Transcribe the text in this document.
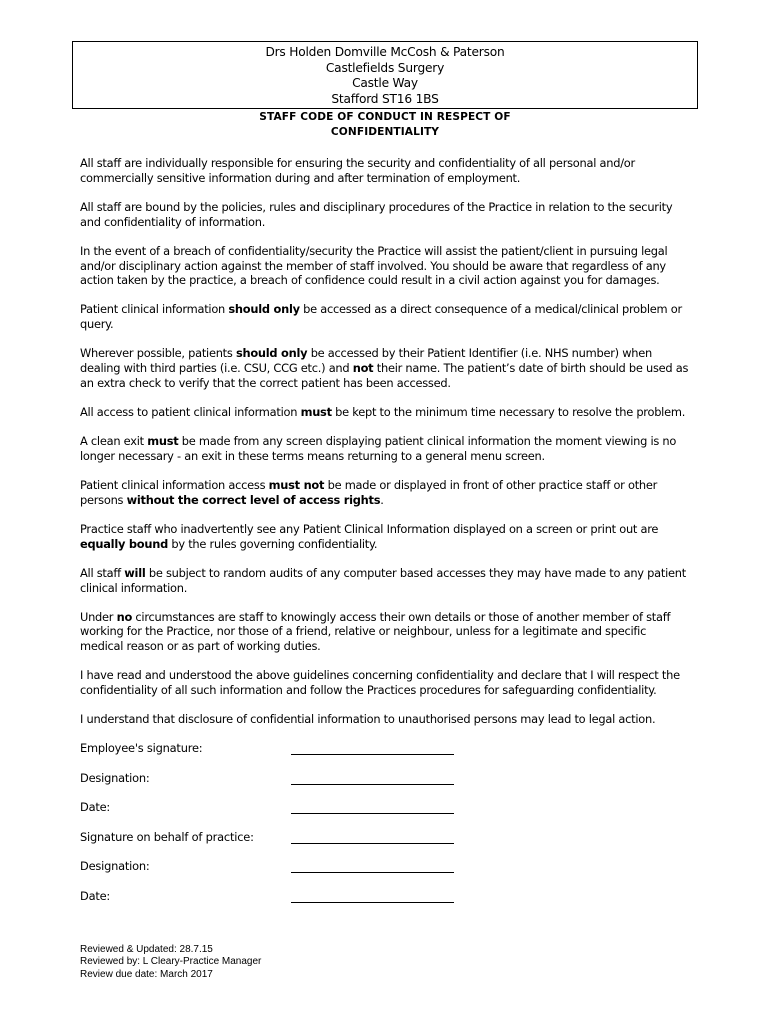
Drs Holden Domville McCosh & Paterson
Castlefields Surgery
Castle Way
Stafford ST16 1BS
STAFF CODE OF CONDUCT IN RESPECT OF
CONFIDENTIALITY

All staff are individually responsible for ensuring the security and confidentiality of all personal and/or commercially sensitive information during and after termination of employment.

All staff are bound by the policies, rules and disciplinary procedures of the Practice in relation to the security and confidentiality of information.

In the event of a breach of confidentiality/security the Practice will assist the patient/client in pursuing legal and/or disciplinary action against the member of staff involved. You should be aware that regardless of any action taken by the practice, a breach of confidence could result in a civil action against you for damages.

Patient clinical information should only be accessed as a direct consequence of a medical/clinical problem or query.

Wherever possible, patients should only be accessed by their Patient Identifier (i.e. NHS number) when dealing with third parties (i.e. CSU, CCG etc.) and not their name. The patient’s date of birth should be used as an extra check to verify that the correct patient has been accessed.

All access to patient clinical information must be kept to the minimum time necessary to resolve the problem.

A clean exit must be made from any screen displaying patient clinical information the moment viewing is no longer necessary - an exit in these terms means returning to a general menu screen.

Patient clinical information access must not be made or displayed in front of other practice staff or other persons without the correct level of access rights.

Practice staff who inadvertently see any Patient Clinical Information displayed on a screen or print out are equally bound by the rules governing confidentiality.

All staff will be subject to random audits of any computer based accesses they may have made to any patient clinical information.

Under no circumstances are staff to knowingly access their own details or those of another member of staff working for the Practice, nor those of a friend, relative or neighbour, unless for a legitimate and specific medical reason or as part of working duties.

I have read and understood the above guidelines concerning confidentiality and declare that I will respect the confidentiality of all such information and follow the Practices procedures for safeguarding confidentiality.

I understand that disclosure of confidential information to unauthorised persons may lead to legal action.

Employee's signature:
Designation:
Date:
Signature on behalf of practice:
Designation:
Date:
Reviewed & Updated: 28.7.15
Reviewed by: L Cleary-Practice Manager
Review due date: March 2017
